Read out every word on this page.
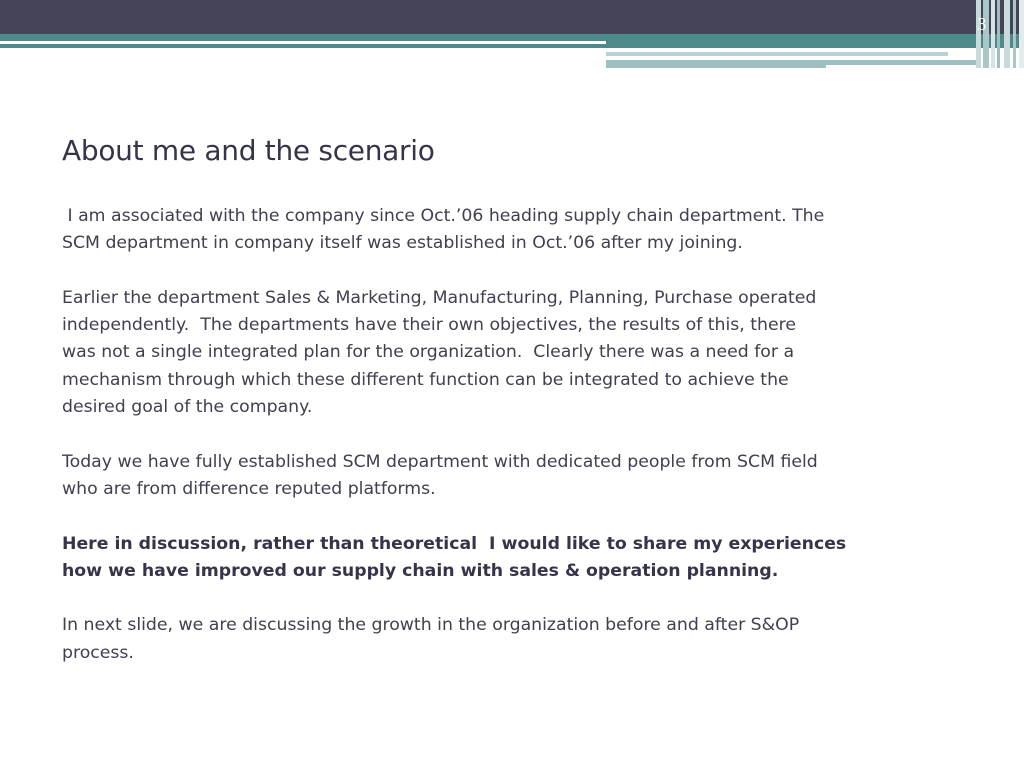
3
About me and the scenario

I am associated with the company since Oct.’06 heading supply chain department. The
SCM department in company itself was established in Oct.’06 after my joining.

Earlier the department Sales & Marketing, Manufacturing, Planning, Purchase operated
independently.  The departments have their own objectives, the results of this, there
was not a single integrated plan for the organization.  Clearly there was a need for a
mechanism through which these different function can be integrated to achieve the
desired goal of the company.

Today we have fully established SCM department with dedicated people from SCM field
who are from difference reputed platforms.

Here in discussion, rather than theoretical  I would like to share my experiences
how we have improved our supply chain with sales & operation planning.

In next slide, we are discussing the growth in the organization before and after S&OP
process.
